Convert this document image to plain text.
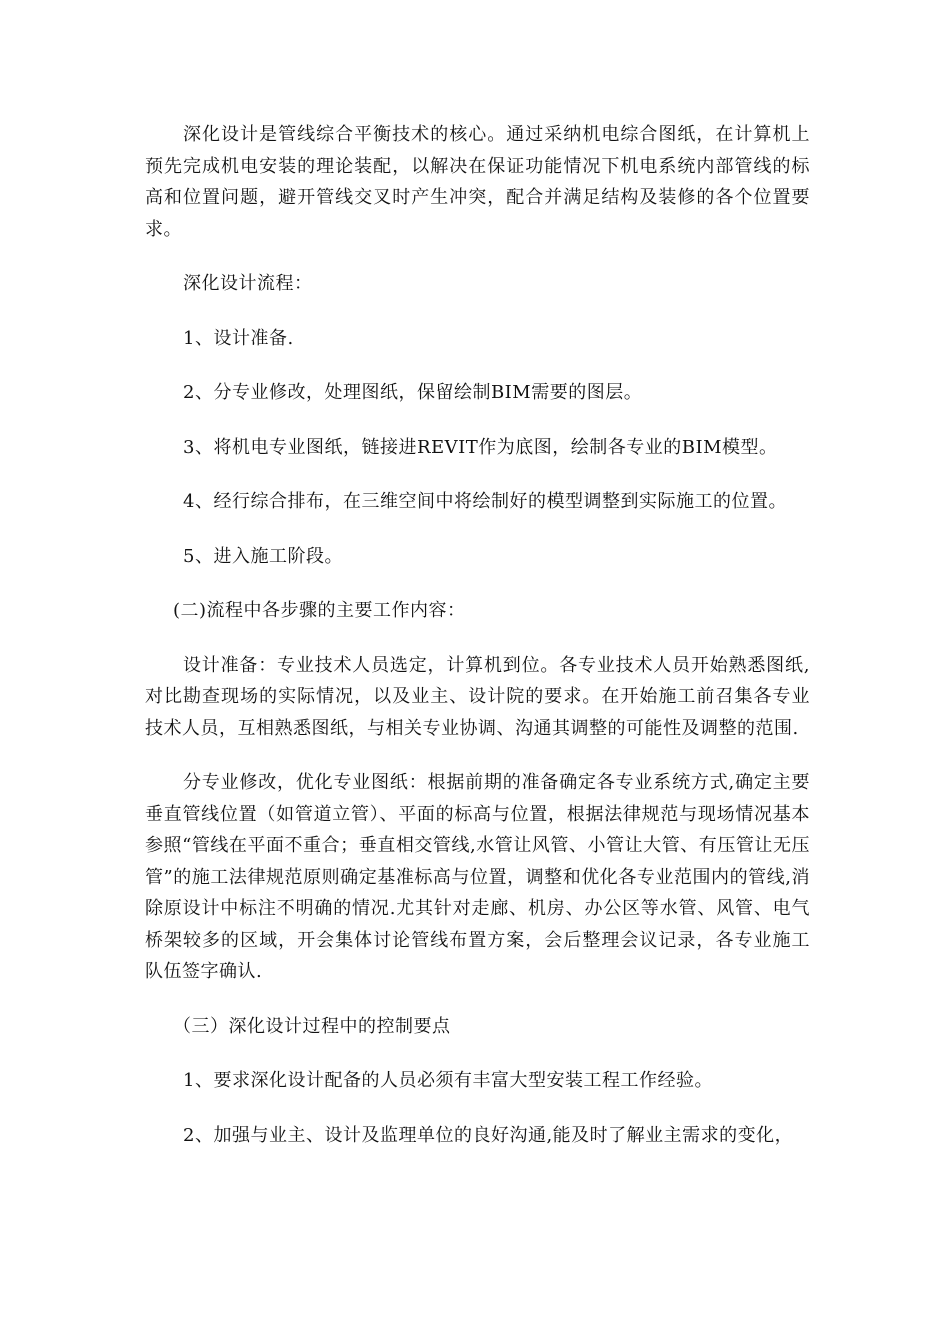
深化设计是管线综合平衡技术的核心。通过采纳机电综合图纸，在计算机上预先完成机电安装的理论装配，以解决在保证功能情况下机电系统内部管线的标高和位置问题，避开管线交叉时产生冲突，配合并满足结构及装修的各个位置要求。

深化设计流程：

1、设计准备.

2、分专业修改，处理图纸，保留绘制BIM需要的图层。

3、将机电专业图纸，链接进REVIT作为底图，绘制各专业的BIM模型。

4、经行综合排布，在三维空间中将绘制好的模型调整到实际施工的位置。

5、进入施工阶段。

(二)流程中各步骤的主要工作内容：

设计准备：专业技术人员选定，计算机到位。各专业技术人员开始熟悉图纸,对比勘查现场的实际情况，以及业主、设计院的要求。在开始施工前召集各专业技术人员，互相熟悉图纸，与相关专业协调、沟通其调整的可能性及调整的范围.

分专业修改，优化专业图纸：根据前期的准备确定各专业系统方式,确定主要垂直管线位置（如管道立管）、平面的标高与位置，根据法律规范与现场情况基本参照“管线在平面不重合；垂直相交管线,水管让风管、小管让大管、有压管让无压管”的施工法律规范原则确定基准标高与位置，调整和优化各专业范围内的管线,消除原设计中标注不明确的情况.尤其针对走廊、机房、办公区等水管、风管、电气桥架较多的区域，开会集体讨论管线布置方案，会后整理会议记录，各专业施工队伍签字确认.

（三）深化设计过程中的控制要点

1、要求深化设计配备的人员必须有丰富大型安装工程工作经验。

2、加强与业主、设计及监理单位的良好沟通,能及时了解业主需求的变化，
